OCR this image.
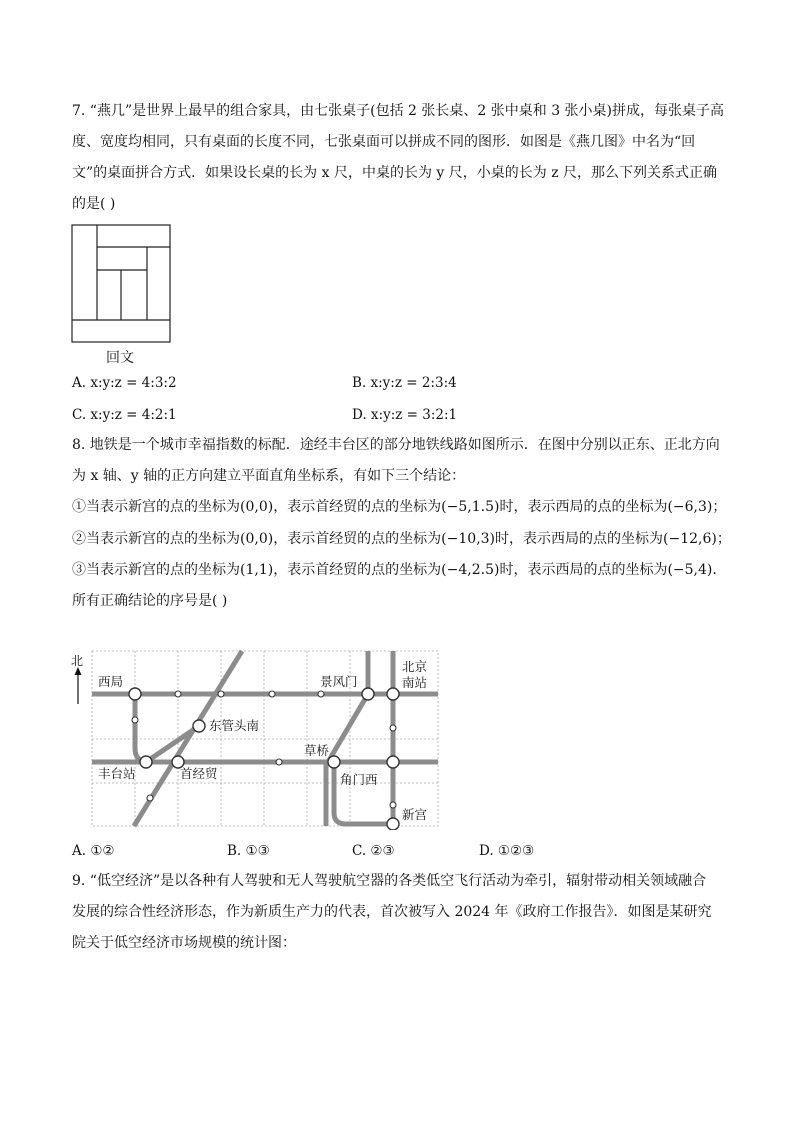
7. “燕几”是世界上最早的组合家具，由七张桌子(包括 2 张长桌、2 张中桌和 3 张小桌)拼成，每张桌子高
度、宽度均相同，只有桌面的长度不同，七张桌面可以拼成不同的图形．如图是《燕几图》中名为“回
文”的桌面拼合方式．如果设长桌的长为 x 尺，中桌的长为 y 尺，小桌的长为 z 尺，那么下列关系式正确
的是( )
回文
A. x:y:z = 4:3:2	B. x:y:z = 2:3:4
C. x:y:z = 4:2:1	D. x:y:z = 3:2:1
8. 地铁是一个城市幸福指数的标配．途经丰台区的部分地铁线路如图所示．在图中分别以正东、正北方向
为 x 轴、y 轴的正方向建立平面直角坐标系，有如下三个结论：
①当表示新宫的点的坐标为(0,0)，表示首经贸的点的坐标为(−5,1.5)时，表示西局的点的坐标为(−6,3)；
②当表示新宫的点的坐标为(0,0)，表示首经贸的点的坐标为(−10,3)时，表示西局的点的坐标为(−12,6)；
③当表示新宫的点的坐标为(1,1)，表示首经贸的点的坐标为(−4,2.5)时，表示西局的点的坐标为(−5,4).
所有正确结论的序号是( )
北
西局
东管头南
景风门
北京
南站
草桥
丰台站	首经贸	角门西
新宫
A. ①②	B. ①③	C. ②③	D. ①②③
9. “低空经济”是以各种有人驾驶和无人驾驶航空器的各类低空飞行活动为牵引，辐射带动相关领域融合
发展的综合性经济形态，作为新质生产力的代表，首次被写入 2024 年《政府工作报告》．如图是某研究
院关于低空经济市场规模的统计图：
